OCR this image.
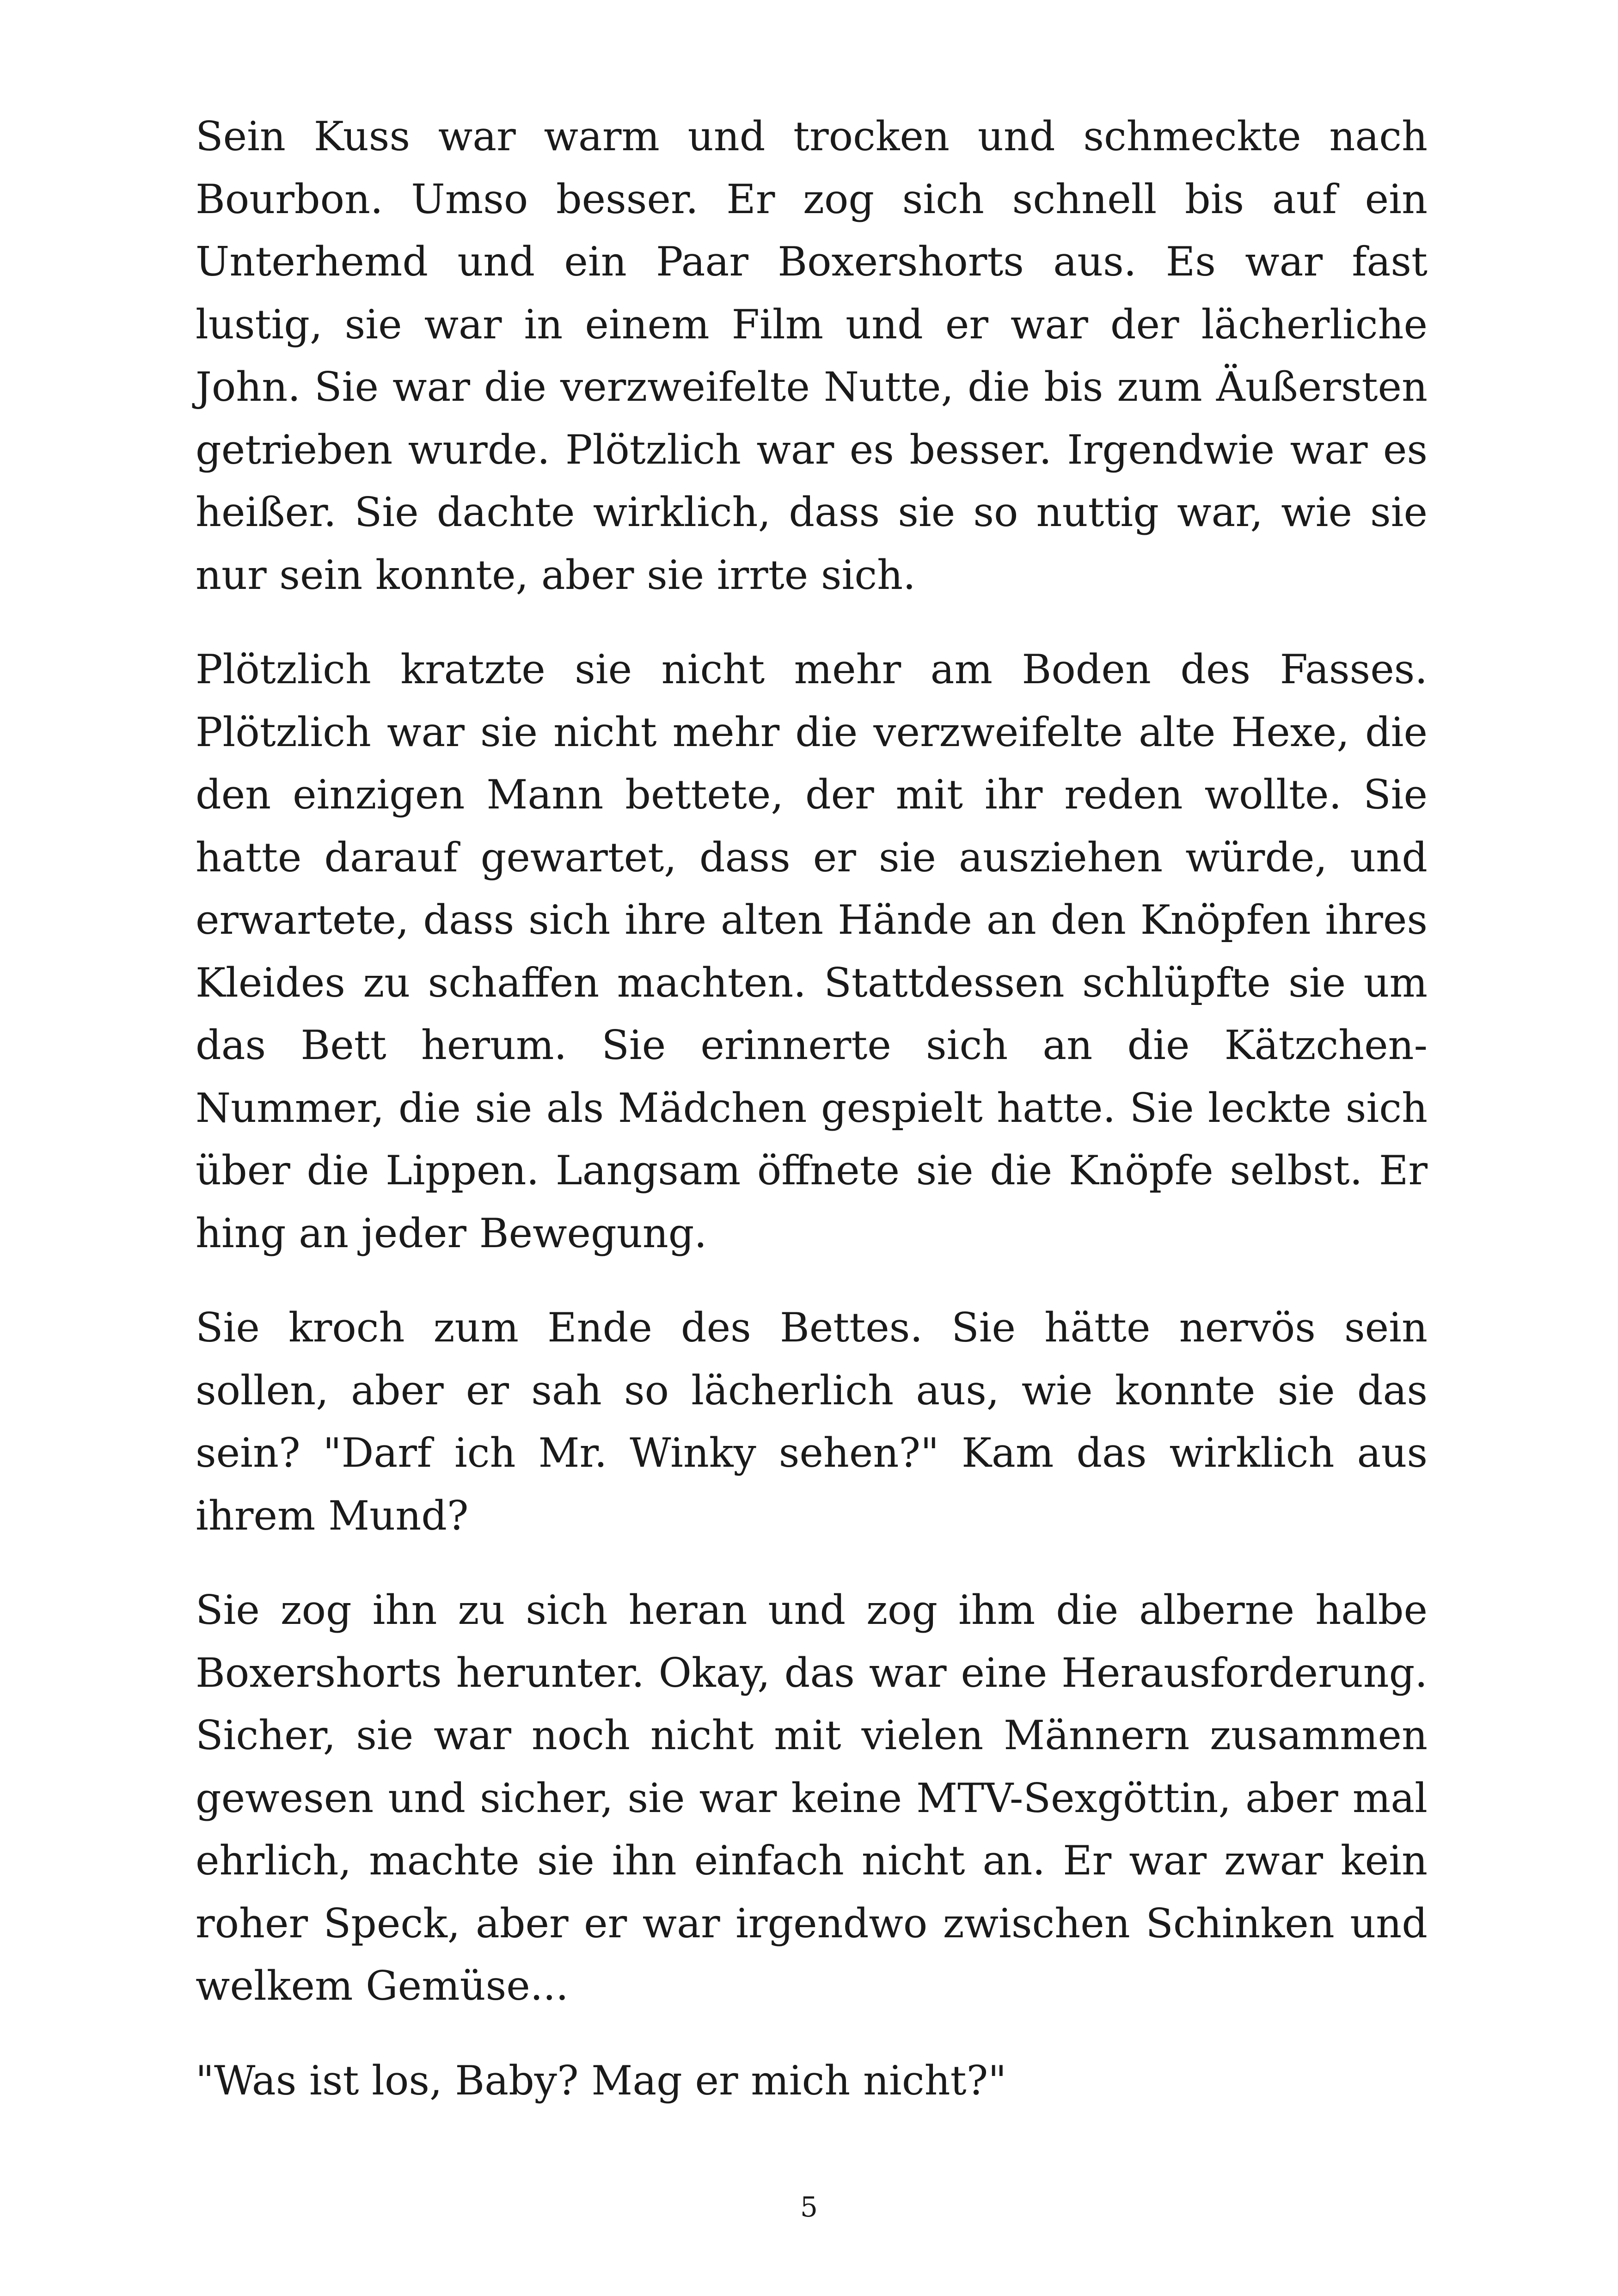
Sein Kuss war warm und trocken und schmeckte nach Bourbon. Umso besser. Er zog sich schnell bis auf ein Unterhemd und ein Paar Boxershorts aus. Es war fast lustig, sie war in einem Film und er war der lächerliche John. Sie war die verzweifelte Nutte, die bis zum Äußersten getrieben wurde. Plötzlich war es besser. Irgendwie war es heißer. Sie dachte wirklich, dass sie so nuttig war, wie sie nur sein konnte, aber sie irrte sich.

Plötzlich kratzte sie nicht mehr am Boden des Fasses. Plötzlich war sie nicht mehr die verzweifelte alte Hexe, die den einzigen Mann bettete, der mit ihr reden wollte. Sie hatte darauf gewartet, dass er sie ausziehen würde, und erwartete, dass sich ihre alten Hände an den Knöpfen ihres Kleides zu schaffen machten. Stattdessen schlüpfte sie um das Bett herum. Sie erinnerte sich an die Kätzchen-Nummer, die sie als Mädchen gespielt hatte. Sie leckte sich über die Lippen. Langsam öffnete sie die Knöpfe selbst. Er hing an jeder Bewegung.

Sie kroch zum Ende des Bettes. Sie hätte nervös sein sollen, aber er sah so lächerlich aus, wie konnte sie das sein? "Darf ich Mr. Winky sehen?" Kam das wirklich aus ihrem Mund?

Sie zog ihn zu sich heran und zog ihm die alberne halbe Boxershorts herunter. Okay, das war eine Herausforderung. Sicher, sie war noch nicht mit vielen Männern zusammen gewesen und sicher, sie war keine MTV-Sexgöttin, aber mal ehrlich, machte sie ihn einfach nicht an. Er war zwar kein roher Speck, aber er war irgendwo zwischen Schinken und welkem Gemüse...

"Was ist los, Baby? Mag er mich nicht?"

5
